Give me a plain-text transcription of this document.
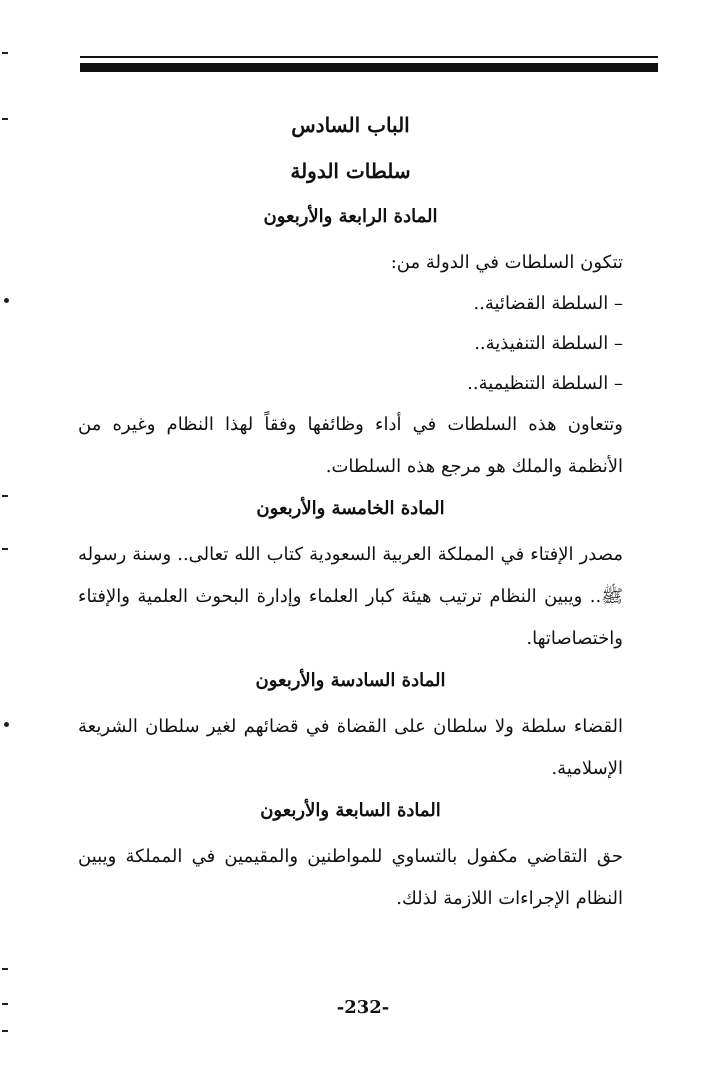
الباب السادس
سلطات الدولة
المادة الرابعة والأربعون

تتكون السلطات في الدولة من:

– السلطة القضائية..

– السلطة التنفيذية..

– السلطة التنظيمية..

وتتعاون هذه السلطات في أداء وظائفها وفقاً لهذا النظام وغيره من الأنظمة والملك هو مرجع هذه السلطات.

المادة الخامسة والأربعون

مصدر الإفتاء في المملكة العربية السعودية كتاب الله تعالى.. وسنة رسوله ﷺ.. ويبين النظام ترتيب هيئة كبار العلماء وإدارة البحوث العلمية والإفتاء واختصاصاتها.

المادة السادسة والأربعون

القضاء سلطة ولا سلطان على القضاة في قضائهم لغير سلطان الشريعة الإسلامية.

المادة السابعة والأربعون

حق التقاضي مكفول بالتساوي للمواطنين والمقيمين في المملكة ويبين النظام الإجراءات اللازمة لذلك.

-232-
